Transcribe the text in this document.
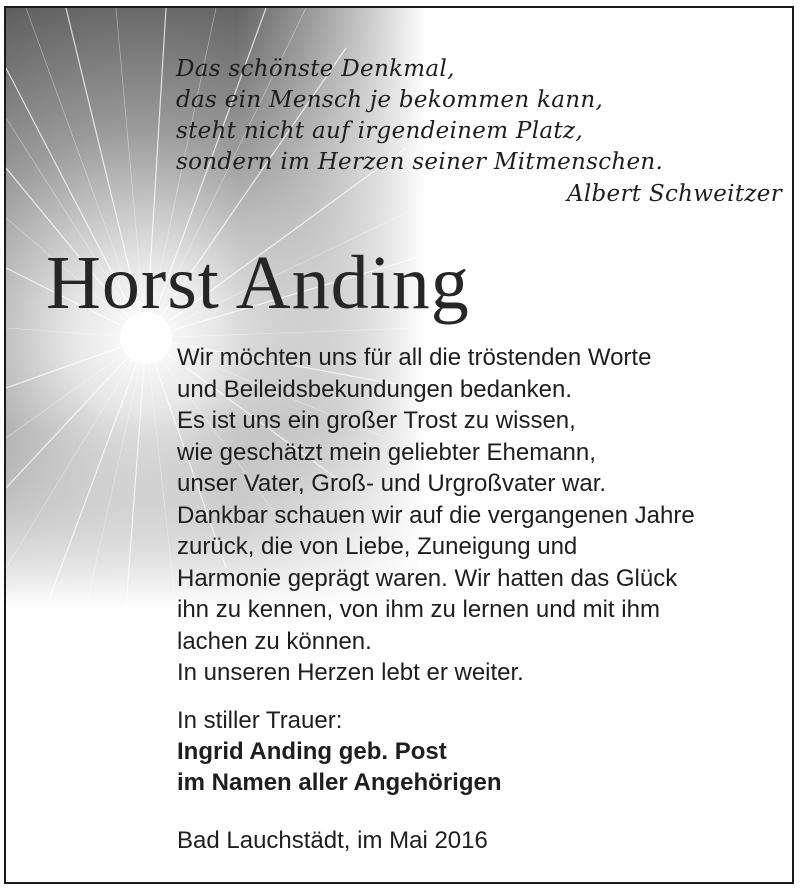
Das schönste Denkmal,
das ein Mensch je bekommen kann,
steht nicht auf irgendeinem Platz,
sondern im Herzen seiner Mitmenschen.
Albert Schweitzer
Horst Anding
Wir möchten uns für all die tröstenden Worte
und Beileidsbekundungen bedanken.
Es ist uns ein großer Trost zu wissen,
wie geschätzt mein geliebter Ehemann,
unser Vater, Groß- und Urgroßvater war.
Dankbar schauen wir auf die vergangenen Jahre
zurück, die von Liebe, Zuneigung und
Harmonie geprägt waren. Wir hatten das Glück
ihn zu kennen, von ihm zu lernen und mit ihm
lachen zu können.
In unseren Herzen lebt er weiter.
In stiller Trauer:
Ingrid Anding geb. Post
im Namen aller Angehörigen
Bad Lauchstädt, im Mai 2016
